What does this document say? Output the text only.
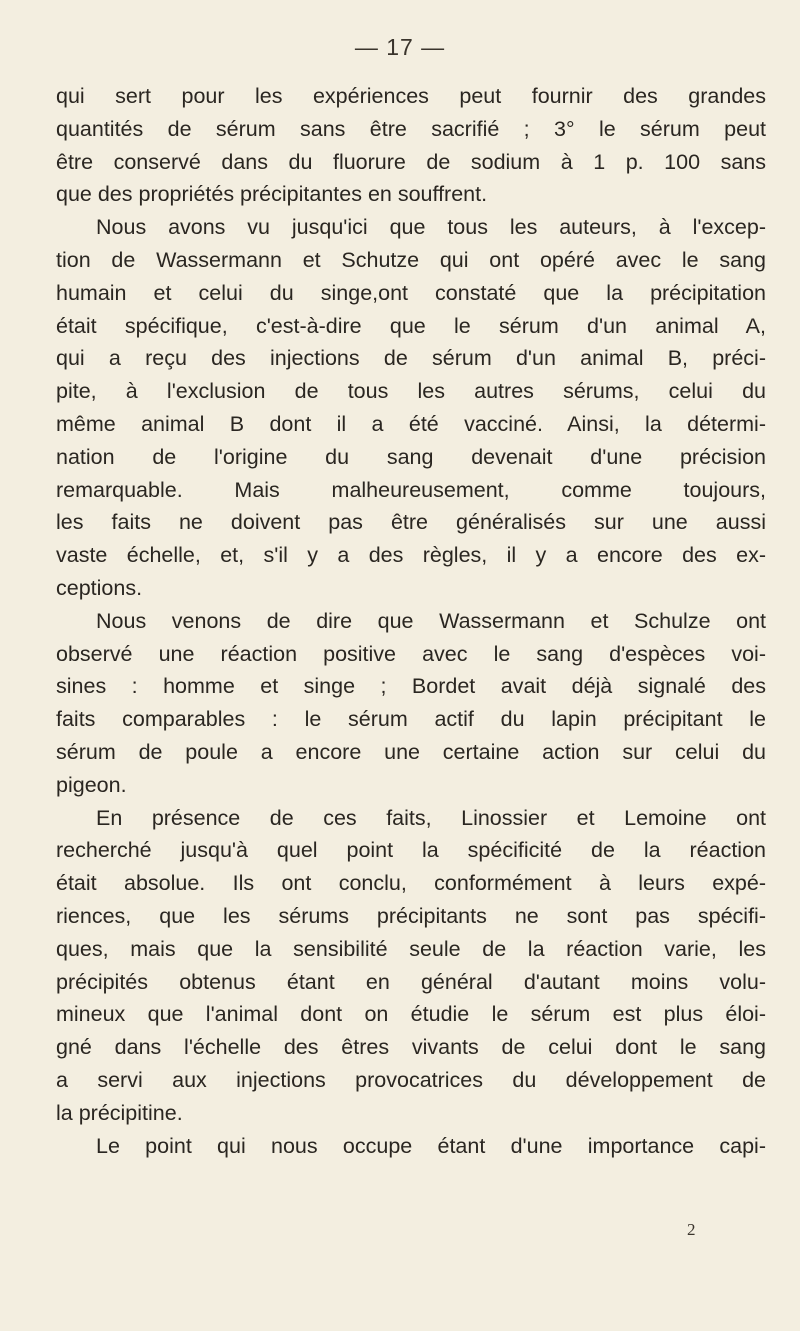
— 17 —
qui sert pour les expériences peut fournir des grandes
quantités de sérum sans être sacrifié ; 3° le sérum peut
être conservé dans du fluorure de sodium à 1 p. 100 sans
que des propriétés précipitantes en souffrent.
Nous avons vu jusqu'ici que tous les auteurs, à l'excep-
tion de Wassermann et Schutze qui ont opéré avec le sang
humain et celui du singe,ont constaté que la précipitation
était spécifique, c'est-à-dire que le sérum d'un animal A,
qui a reçu des injections de sérum d'un animal B, préci-
pite, à l'exclusion de tous les autres sérums, celui du
même animal B dont il a été vacciné. Ainsi, la détermi-
nation de l'origine du sang devenait d'une précision
remarquable. Mais malheureusement, comme toujours,
les faits ne doivent pas être généralisés sur une aussi
vaste échelle, et, s'il y a des règles, il y a encore des ex-
ceptions.
Nous venons de dire que Wassermann et Schulze ont
observé une réaction positive avec le sang d'espèces voi-
sines : homme et singe ; Bordet avait déjà signalé des
faits comparables : le sérum actif du lapin précipitant le
sérum de poule a encore une certaine action sur celui du
pigeon.
En présence de ces faits, Linossier et Lemoine ont
recherché jusqu'à quel point la spécificité de la réaction
était absolue. Ils ont conclu, conformément à leurs expé-
riences, que les sérums précipitants ne sont pas spécifi-
ques, mais que la sensibilité seule de la réaction varie, les
précipités obtenus étant en général d'autant moins volu-
mineux que l'animal dont on étudie le sérum est plus éloi-
gné dans l'échelle des êtres vivants de celui dont le sang
a servi aux injections provocatrices du développement de
la précipitine.
Le point qui nous occupe étant d'une importance capi-
2
